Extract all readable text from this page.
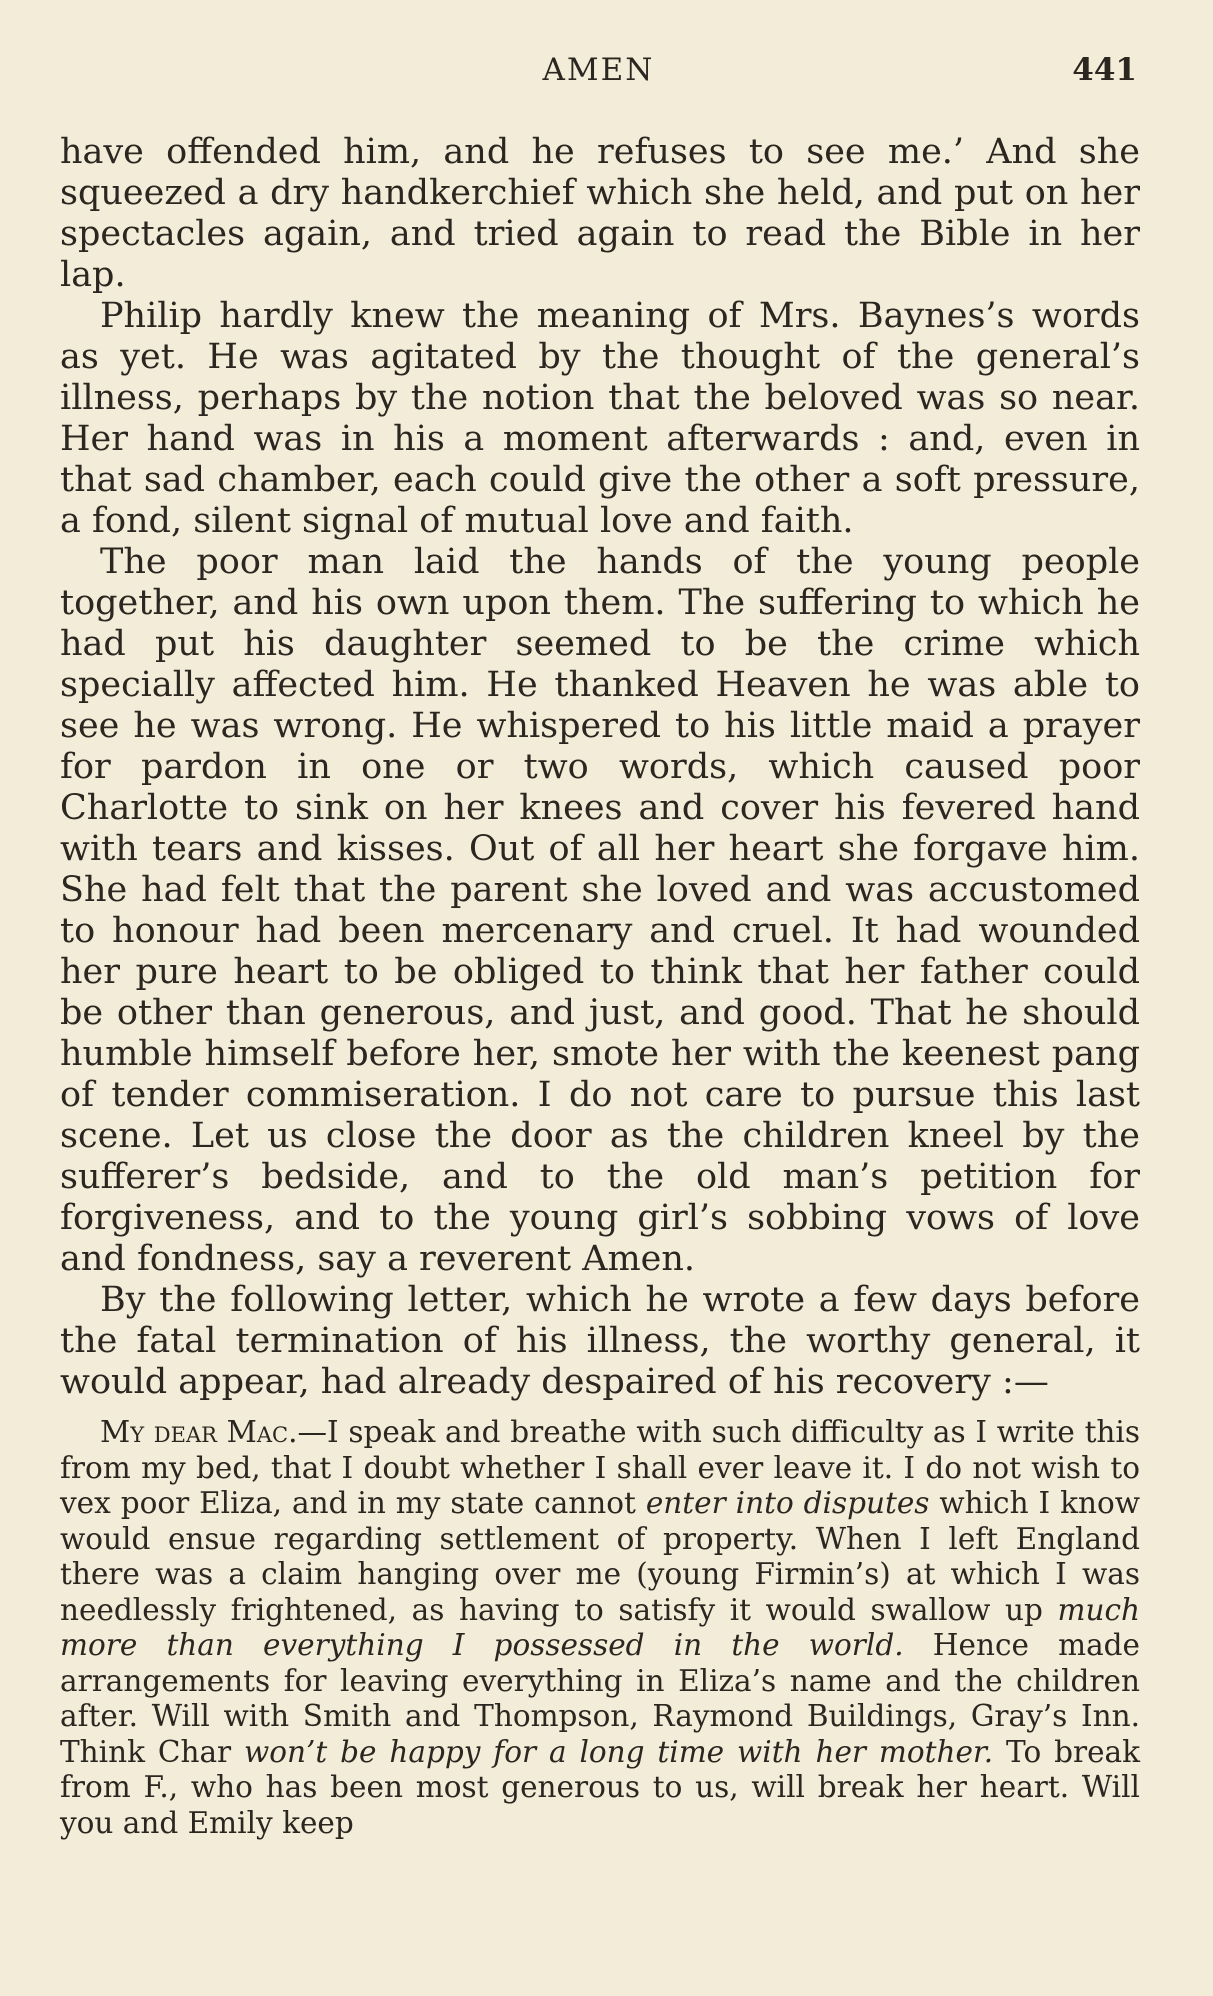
AMEN	441

have offended him, and he refuses to see me.’ And she squeezed a dry handkerchief which she held, and put on her spectacles again, and tried again to read the Bible in her lap.

Philip hardly knew the meaning of Mrs. Baynes’s words as yet. He was agitated by the thought of the general’s illness, perhaps by the notion that the beloved was so near. Her hand was in his a moment afterwards : and, even in that sad chamber, each could give the other a soft pressure, a fond, silent signal of mutual love and faith.

The poor man laid the hands of the young people together, and his own upon them. The suffering to which he had put his daughter seemed to be the crime which specially affected him. He thanked Heaven he was able to see he was wrong. He whispered to his little maid a prayer for pardon in one or two words, which caused poor Charlotte to sink on her knees and cover his fevered hand with tears and kisses. Out of all her heart she forgave him. She had felt that the parent she loved and was accustomed to honour had been mercenary and cruel. It had wounded her pure heart to be obliged to think that her father could be other than generous, and just, and good. That he should humble himself before her, smote her with the keenest pang of tender commiseration. I do not care to pursue this last scene. Let us close the door as the children kneel by the sufferer’s bedside, and to the old man’s petition for forgiveness, and to the young girl’s sobbing vows of love and fondness, say a reverent Amen.

By the following letter, which he wrote a few days before the fatal termination of his illness, the worthy general, it would appear, had already despaired of his recovery :—

My dear Mac.—I speak and breathe with such difficulty as I write this from my bed, that I doubt whether I shall ever leave it. I do not wish to vex poor Eliza, and in my state cannot enter into disputes which I know would ensue regarding settlement of property. When I left England there was a claim hanging over me (young Firmin’s) at which I was needlessly frightened, as having to satisfy it would swallow up much more than everything I possessed in the world. Hence made arrangements for leaving everything in Eliza’s name and the children after. Will with Smith and Thompson, Raymond Buildings, Gray’s Inn. Think Char won’t be happy for a long time with her mother. To break from F., who has been most generous to us, will break her heart. Will you and Emily keep
